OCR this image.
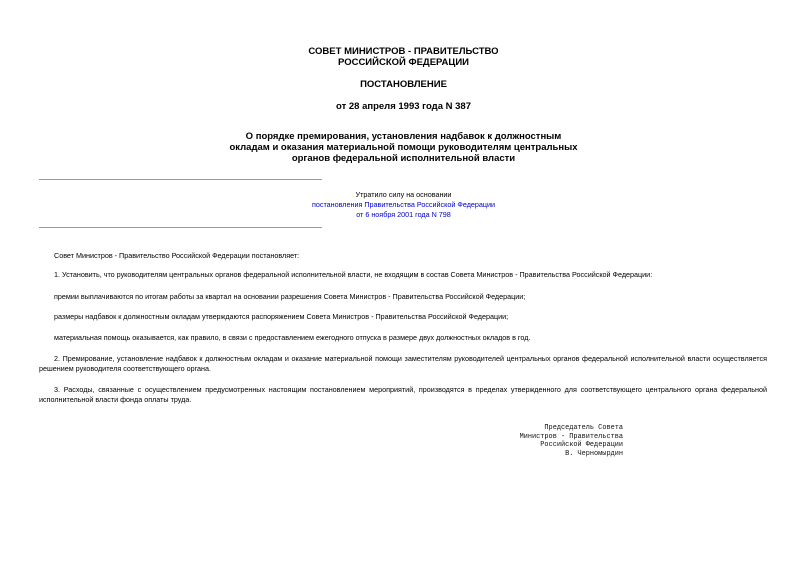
СОВЕТ МИНИСТРОВ - ПРАВИТЕЛЬСТВО
РОССИЙСКОЙ ФЕДЕРАЦИИ
ПОСТАНОВЛЕНИЕ
от 28 апреля 1993 года N 387
О порядке премирования, установления надбавок к должностным
окладам и оказания материальной помощи руководителям центральных
органов федеральной исполнительной власти
Утратило силу на основании
постановления Правительства Российской Федерации
от 6 ноября 2001 года N 798
Совет Министров - Правительство Российской Федерации постановляет:
1. Установить, что руководителям центральных органов федеральной исполнительной власти, не входящим в состав Совета Министров - Правительства Российской Федерации:
премии выплачиваются по итогам работы за квартал на основании разрешения Совета Министров - Правительства Российской Федерации;
размеры надбавок к должностным окладам утверждаются распоряжением Совета Министров - Правительства Российской Федерации;
материальная помощь оказывается, как правило, в связи с предоставлением ежегодного отпуска в размере двух должностных окладов в год.
2. Премирование, установление надбавок к должностным окладам и оказание материальной помощи заместителям руководителей центральных органов федеральной исполнительной власти осуществляется решением руководителя соответствующего органа.
3. Расходы, связанные с осуществлением предусмотренных настоящим постановлением мероприятий, производятся в пределах утвержденного для соответствующего центрального органа федеральной исполнительной власти фонда оплаты труда.
Председатель Совета
Министров - Правительства
Российской Федерации
В. Черномырдин
